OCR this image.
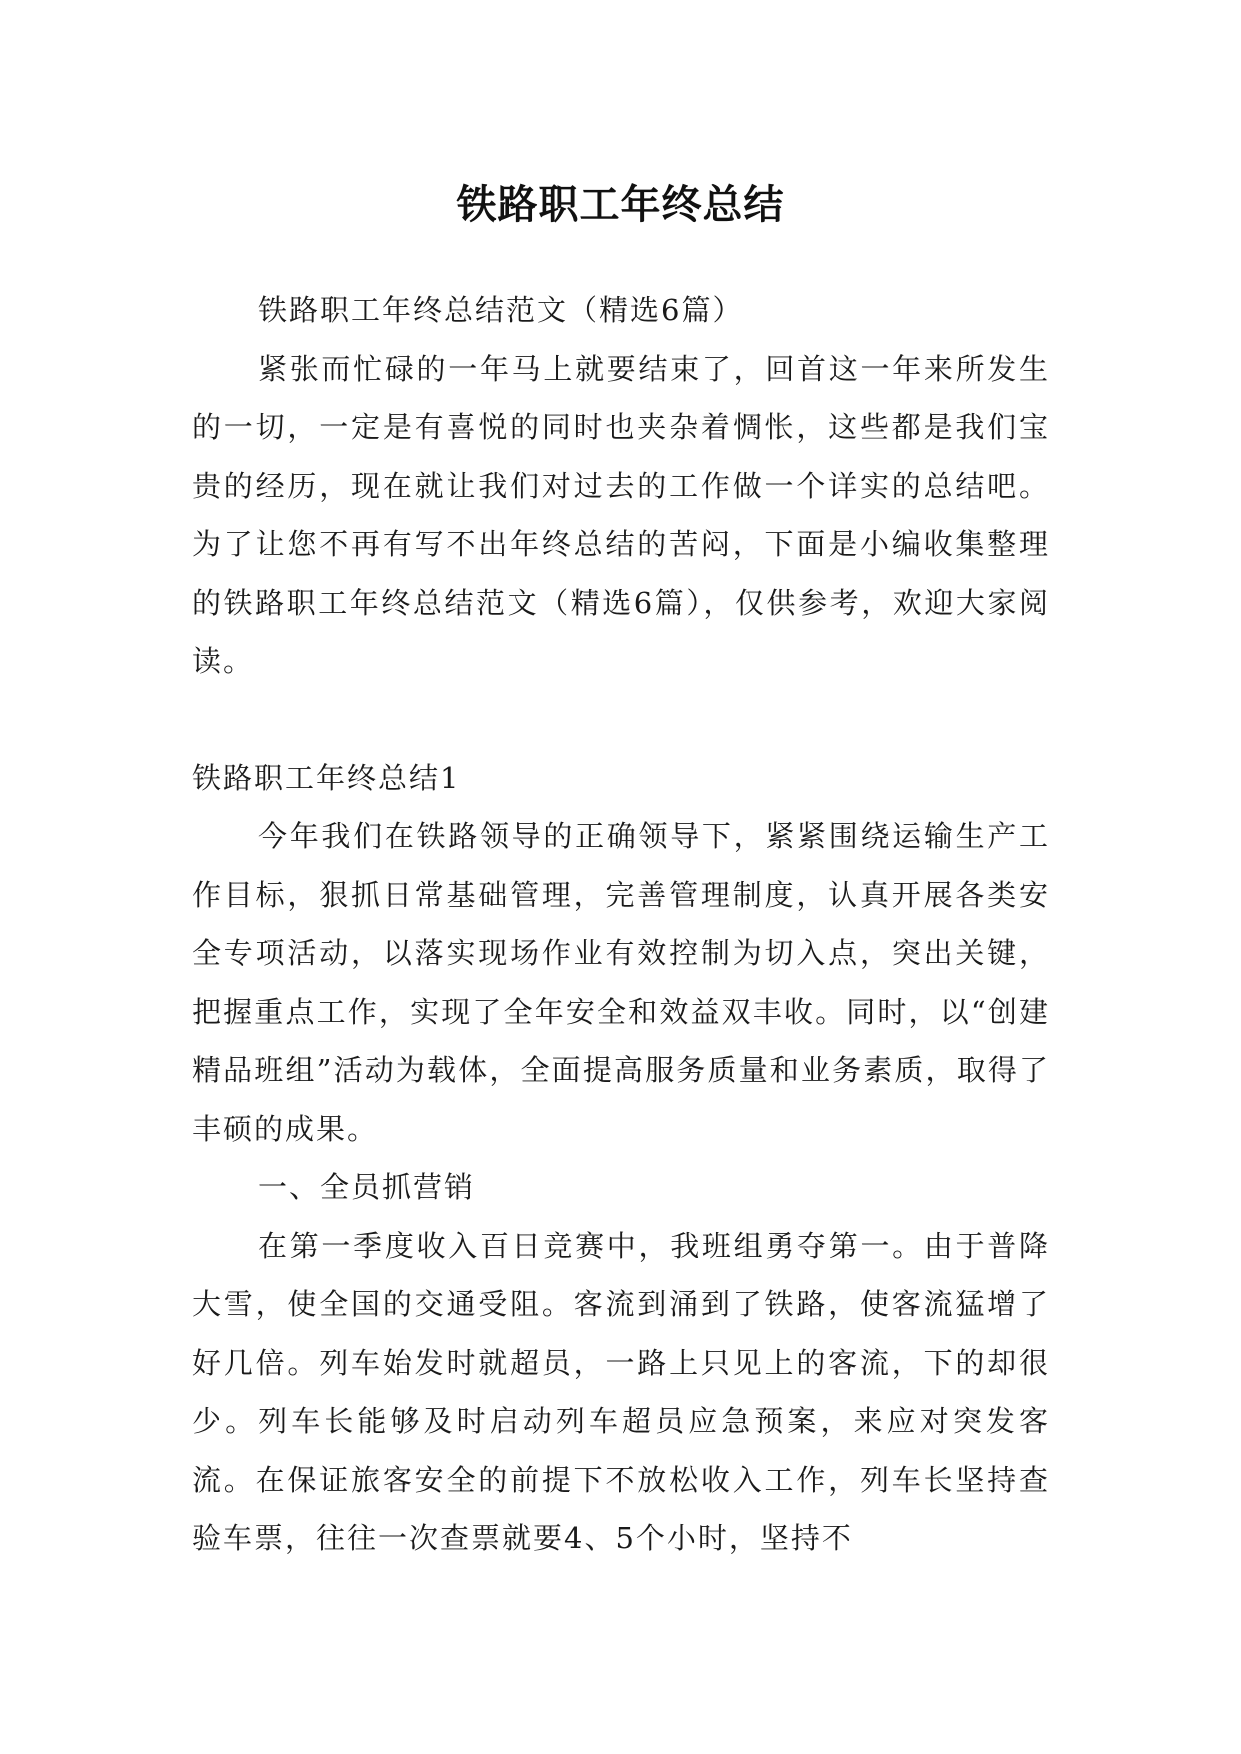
铁路职工年终总结

铁路职工年终总结范文（精选6篇）

紧张而忙碌的一年马上就要结束了，回首这一年来所发生的一切，一定是有喜悦的同时也夹杂着惆怅，这些都是我们宝贵的经历，现在就让我们对过去的工作做一个详实的总结吧。为了让您不再有写不出年终总结的苦闷，下面是小编收集整理的铁路职工年终总结范文（精选6篇），仅供参考，欢迎大家阅读。

铁路职工年终总结1

今年我们在铁路领导的正确领导下，紧紧围绕运输生产工作目标，狠抓日常基础管理，完善管理制度，认真开展各类安全专项活动，以落实现场作业有效控制为切入点，突出关键，把握重点工作，实现了全年安全和效益双丰收。同时，以“创建精品班组”活动为载体，全面提高服务质量和业务素质，取得了丰硕的成果。

一、全员抓营销

在第一季度收入百日竞赛中，我班组勇夺第一。由于普降大雪，使全国的交通受阻。客流到涌到了铁路，使客流猛增了好几倍。列车始发时就超员，一路上只见上的客流，下的却很少。列车长能够及时启动列车超员应急预案，来应对突发客流。在保证旅客安全的前提下不放松收入工作，列车长坚持查验车票，往往一次查票就要4、5个小时，坚持不
